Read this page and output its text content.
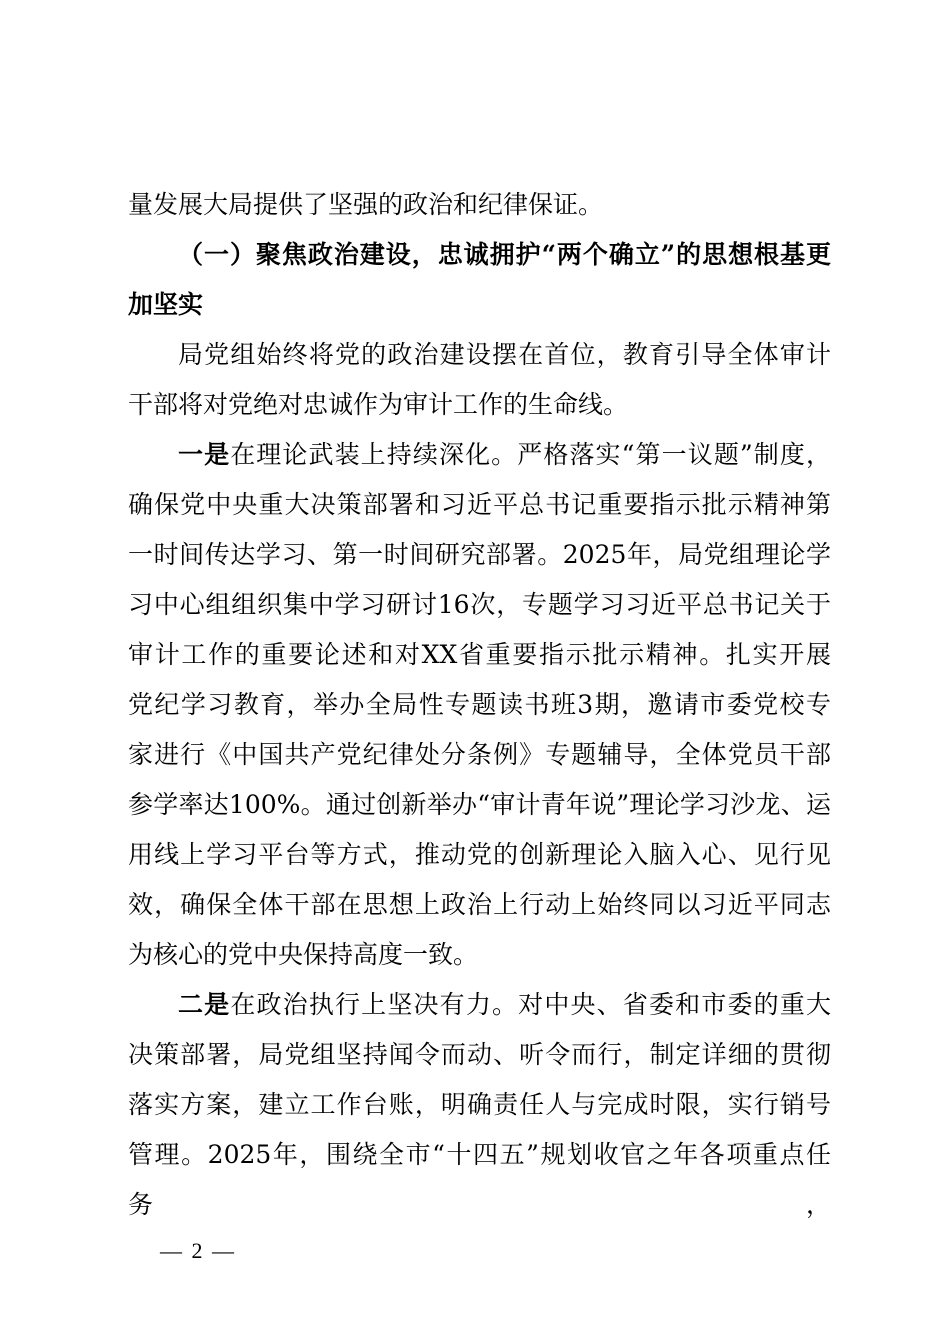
量发展大局提供了坚强的政治和纪律保证。
（一）聚焦政治建设，忠诚拥护“两个确立”的思想根基更
加坚实
局党组始终将党的政治建设摆在首位，教育引导全体审计
干部将对党绝对忠诚作为审计工作的生命线。
一是在理论武装上持续深化。严格落实“第一议题”制度，
确保党中央重大决策部署和习近平总书记重要指示批示精神第
一时间传达学习、第一时间研究部署。2025年，局党组理论学
习中心组组织集中学习研讨16次，专题学习习近平总书记关于
审计工作的重要论述和对XX省重要指示批示精神。扎实开展
党纪学习教育，举办全局性专题读书班3期，邀请市委党校专
家进行《中国共产党纪律处分条例》专题辅导，全体党员干部
参学率达100%。通过创新举办“审计青年说”理论学习沙龙、运
用线上学习平台等方式，推动党的创新理论入脑入心、见行见
效，确保全体干部在思想上政治上行动上始终同以习近平同志
为核心的党中央保持高度一致。
二是在政治执行上坚决有力。对中央、省委和市委的重大
决策部署，局党组坚持闻令而动、听令而行，制定详细的贯彻
落实方案，建立工作台账，明确责任人与完成时限，实行销号
管理。2025年，围绕全市“十四五”规划收官之年各项重点任务，
— 2 —
